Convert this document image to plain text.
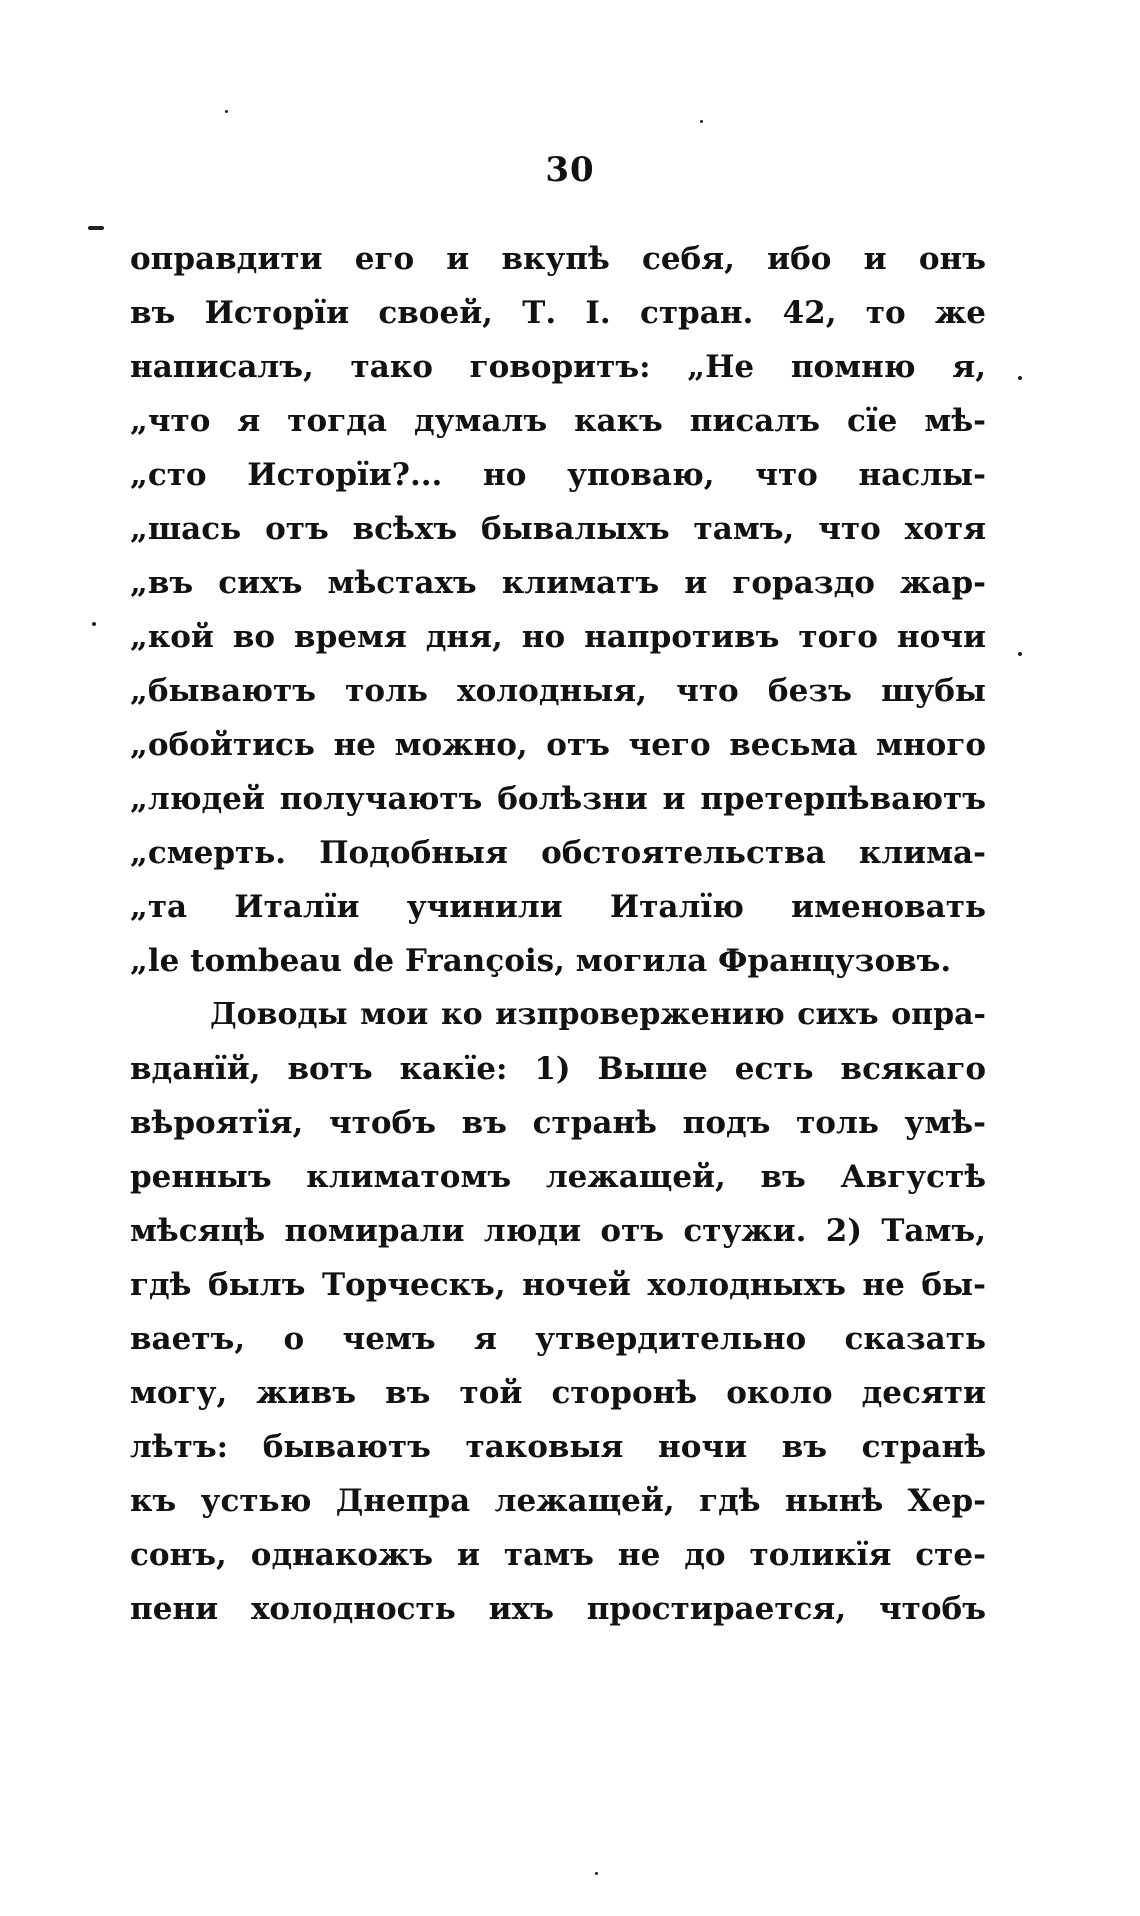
30
оправдити его и вкупѣ себя, ибо и онъ
въ Исторїи своей, Т. I. стран. 42, то же
написалъ, тако говоритъ: „Не помню я,
„что я тогда думалъ какъ писалъ сїе мѣ-
„сто Исторїи?... но уповаю, что наслы-
„шась отъ всѣхъ бывалыхъ тамъ, что хотя
„въ сихъ мѣстахъ климатъ и гораздо жар-
„кой во время дня, но напротивъ того ночи
„бываютъ толь холодныя, что безъ шубы
„обойтись не можно, отъ чего весьма много
„людей получаютъ болѣзни и претерпѣваютъ
„смерть. Подобныя обстоятельства клима-
„та Италїи учинили Италїю именовать
„le tombeau de François, могила Французовъ.
Доводы мои ко изпровержению сихъ опра-
вданїй, вотъ какїе: 1) Выше есть всякаго
вѣроятїя, чтобъ въ странѣ подъ толь умѣ-
ренныъ климатомъ лежащей, въ Августѣ
мѣсяцѣ помирали люди отъ стужи. 2) Тамъ,
гдѣ былъ Торческъ, ночей холодныхъ не бы-
ваетъ, о чемъ я утвердительно сказать
могу, живъ въ той сторонѣ около десяти
лѣтъ: бываютъ таковыя ночи въ странѣ
къ устью Днепра лежащей, гдѣ нынѣ Хер-
сонъ, однакожъ и тамъ не до толикїя сте-
пени холодность ихъ простирается, чтобъ
